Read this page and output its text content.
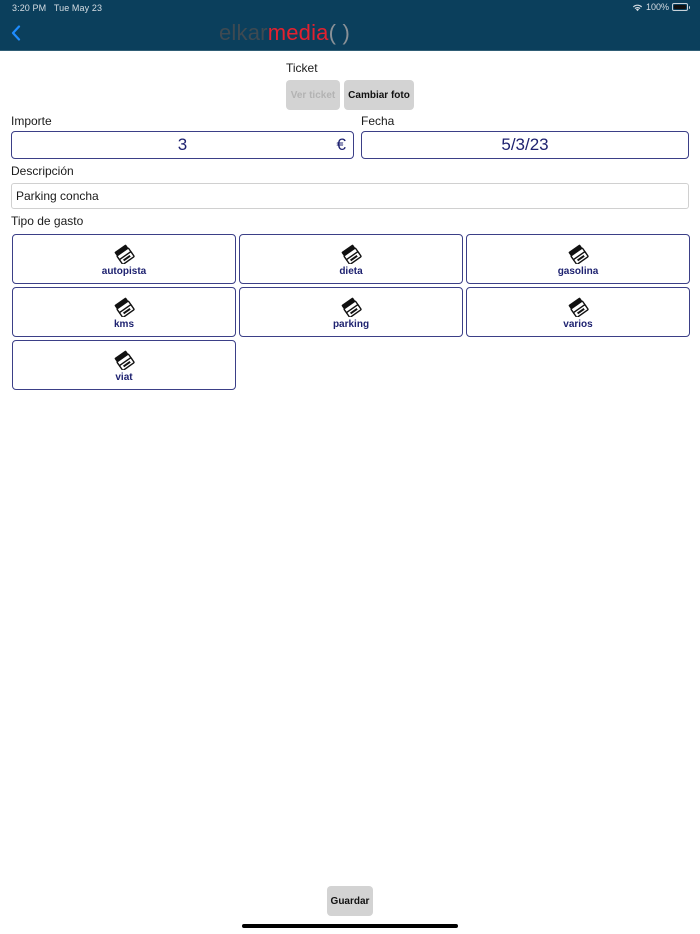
3:20 PM Tue May 23	100%
elkarmedia( )
Ticket
Ver ticket	Cambiar foto
Importe	Fecha
3	€	5/3/23
Descripción
Parking concha
Tipo de gasto
autopista	dieta	gasolina
kms	parking	varios
viat
Guardar
